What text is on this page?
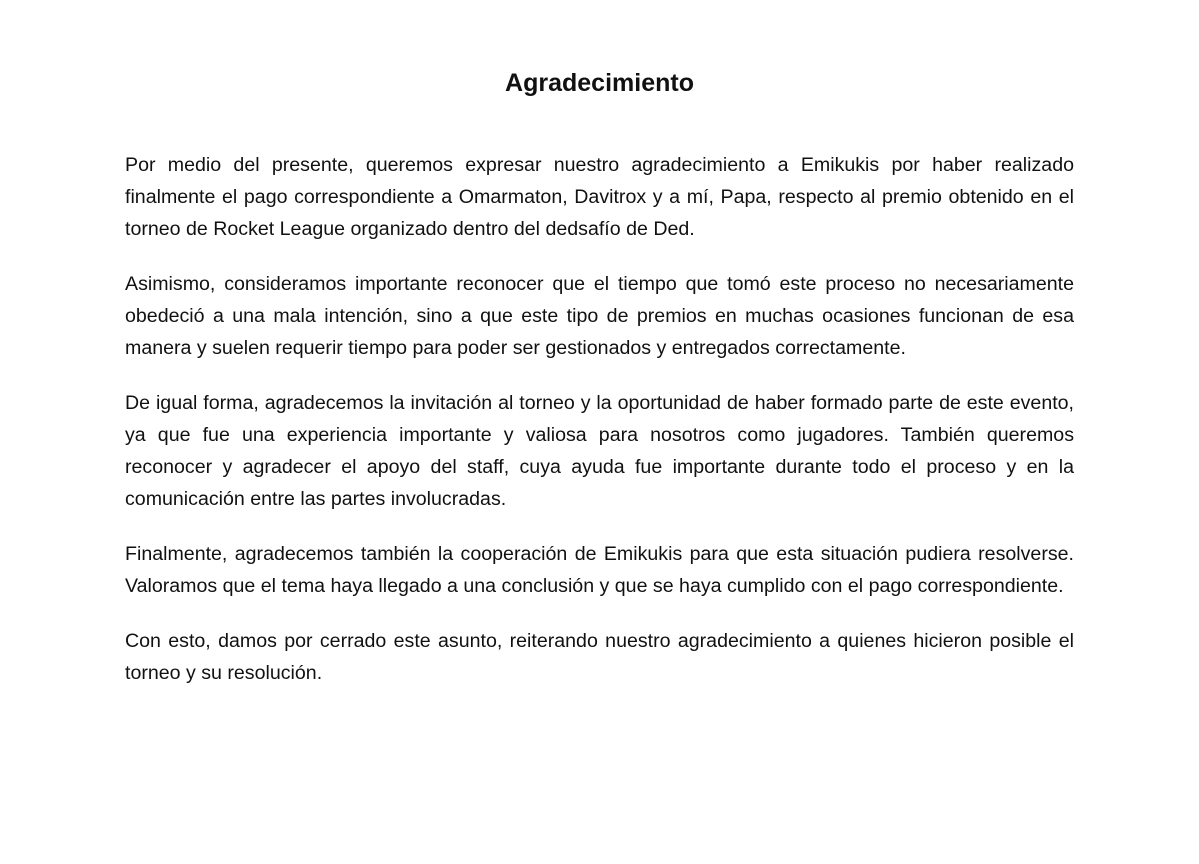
Agradecimiento

Por medio del presente, queremos expresar nuestro agradecimiento a Emikukis por haber realizado finalmente el pago correspondiente a Omarmaton, Davitrox y a mí, Papa, respecto al premio obtenido en el torneo de Rocket League organizado dentro del dedsafío de Ded.

Asimismo, consideramos importante reconocer que el tiempo que tomó este proceso no necesariamente obedeció a una mala intención, sino a que este tipo de premios en muchas ocasiones funcionan de esa manera y suelen requerir tiempo para poder ser gestionados y entregados correctamente.

De igual forma, agradecemos la invitación al torneo y la oportunidad de haber formado parte de este evento, ya que fue una experiencia importante y valiosa para nosotros como jugadores. También queremos reconocer y agradecer el apoyo del staff, cuya ayuda fue importante durante todo el proceso y en la comunicación entre las partes involucradas.

Finalmente, agradecemos también la cooperación de Emikukis para que esta situación pudiera resolverse. Valoramos que el tema haya llegado a una conclusión y que se haya cumplido con el pago correspondiente.

Con esto, damos por cerrado este asunto, reiterando nuestro agradecimiento a quienes hicieron posible el torneo y su resolución.
